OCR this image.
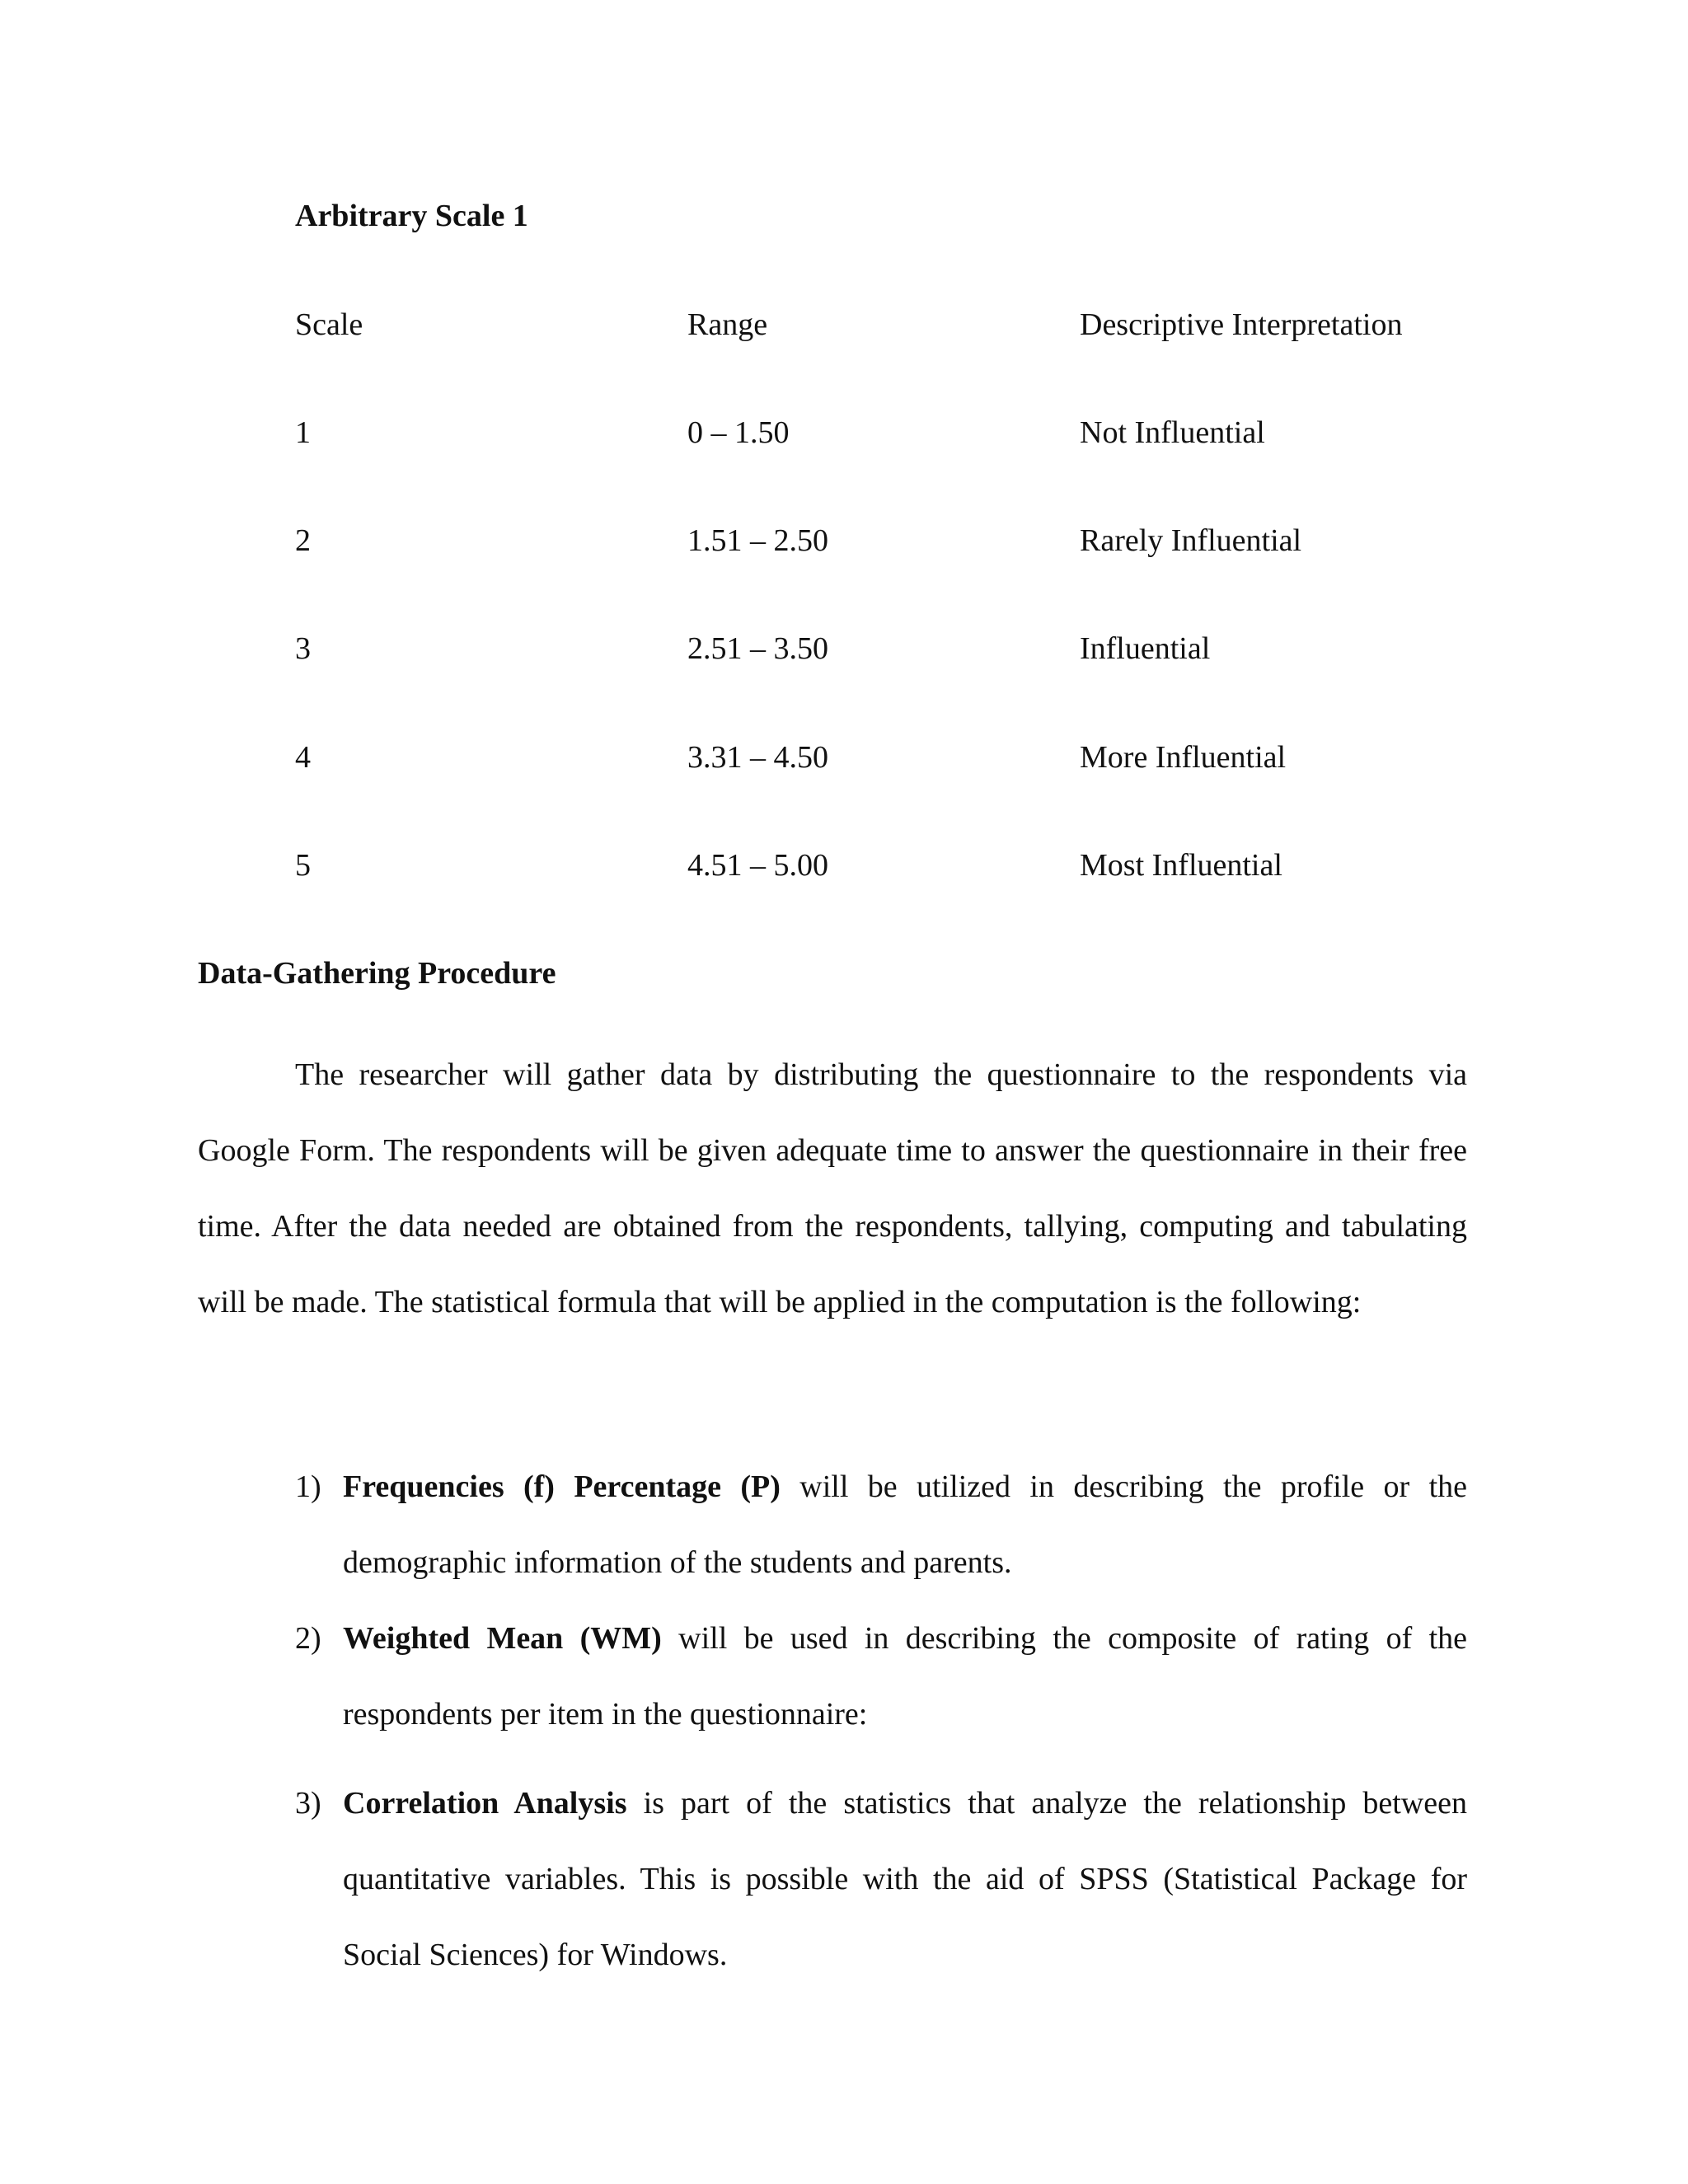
Arbitrary Scale 1
Scale	Range	Descriptive Interpretation
1	0 – 1.50	Not Influential
2	1.51 – 2.50	Rarely Influential
3	2.51 – 3.50	Influential
4	3.31 – 4.50	More Influential
5	4.51 – 5.00	Most Influential
Data-Gathering Procedure
The researcher will gather data by distributing the questionnaire to the respondents via Google Form. The respondents will be given adequate time to answer the questionnaire in their free time. After the data needed are obtained from the respondents, tallying, computing and tabulating will be made. The statistical formula that will be applied in the computation is the following:
1) Frequencies (f) Percentage (P) will be utilized in describing the profile or the demographic information of the students and parents.
2) Weighted Mean (WM) will be used in describing the composite of rating of the respondents per item in the questionnaire:
3) Correlation Analysis is part of the statistics that analyze the relationship between quantitative variables. This is possible with the aid of SPSS (Statistical Package for Social Sciences) for Windows.
